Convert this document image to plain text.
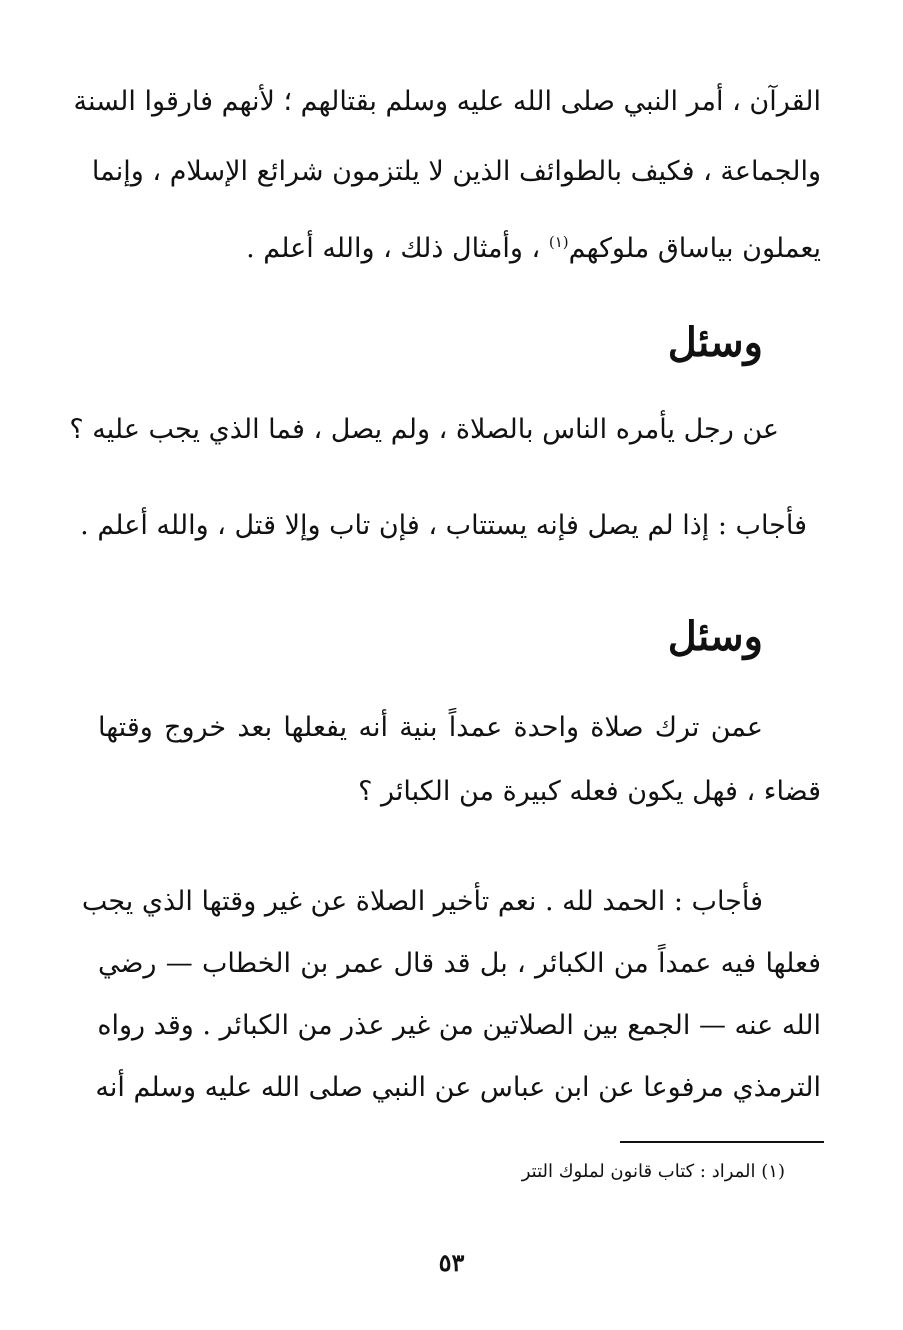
القرآن ، أمر النبي صلى الله عليه وسلم بقتالهم ؛ لأنهم فارقوا السنة
والجماعة ، فكيف بالطوائف الذين لا يلتزمون شرائع الإسلام ، وإنما
يعملون بياساق ملوكهم$^{(١)}$ ، وأمثال ذلك ، والله أعلم .
وسئل
عن رجل يأمره الناس بالصلاة ، ولم يصل ، فما الذي يجب عليه ؟
فأجاب : إذا لم يصل فإنه يستتاب ، فإن تاب وإلا قتل ، والله أعلم .
وسئل
عمن ترك صلاة واحدة عمداً بنية أنه يفعلها بعد خروج وقتها
قضاء ، فهل يكون فعله كبيرة من الكبائر ؟
فأجاب : الحمد لله . نعم تأخير الصلاة عن غير وقتها الذي يجب
فعلها فيه عمداً من الكبائر ، بل قد قال عمر بن الخطاب — رضي
الله عنه — الجمع بين الصلاتين من غير عذر من الكبائر . وقد رواه
الترمذي مرفوعا عن ابن عباس عن النبي صلى الله عليه وسلم أنه
(١) المراد : كتاب قانون لملوك التتر
٥٣
